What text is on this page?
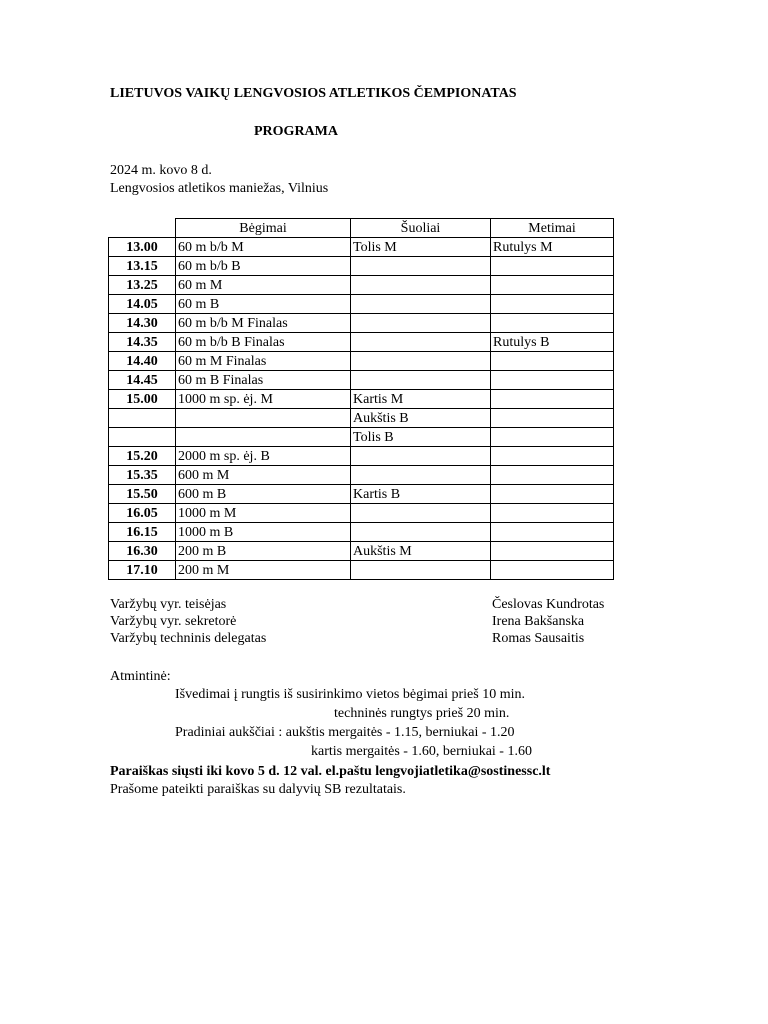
LIETUVOS VAIKŲ LENGVOSIOS ATLETIKOS ČEMPIONATAS
PROGRAMA
2024 m. kovo 8 d.
Lengvosios atletikos maniežas, Vilnius
	Bėgimai	Šuoliai	Metimai
13.00	60 m b/b M	Tolis M	Rutulys M
13.15	60 m b/b B		
13.25	60 m M		
14.05	60 m B		
14.30	60 m b/b M Finalas		
14.35	60 m b/b B Finalas		Rutulys B
14.40	60 m M Finalas		
14.45	60 m B Finalas		
15.00	1000 m sp. ėj. M	Kartis M	
		Aukštis B	
		Tolis B	
15.20	2000 m sp. ėj. B		
15.35	600 m M		
15.50	600 m B	Kartis B	
16.05	1000 m M		
16.15	1000 m B		
16.30	200 m B	Aukštis M	
17.10	200 m M		
Varžybų vyr. teisėjas	Česlovas Kundrotas
Varžybų vyr. sekretorė	Irena Bakšanska
Varžybų techninis delegatas	Romas Sausaitis
Atmintinė:
Išvedimai į rungtis iš susirinkimo vietos bėgimai prieš 10 min.
techninės rungtys prieš 20 min.
Pradiniai aukščiai : aukštis mergaitės - 1.15, berniukai - 1.20
kartis mergaitės - 1.60, berniukai - 1.60
Paraiškas siųsti iki kovo 5 d. 12 val. el.paštu lengvojiatletika@sostinessc.lt
Prašome pateikti paraiškas su dalyvių SB rezultatais.
